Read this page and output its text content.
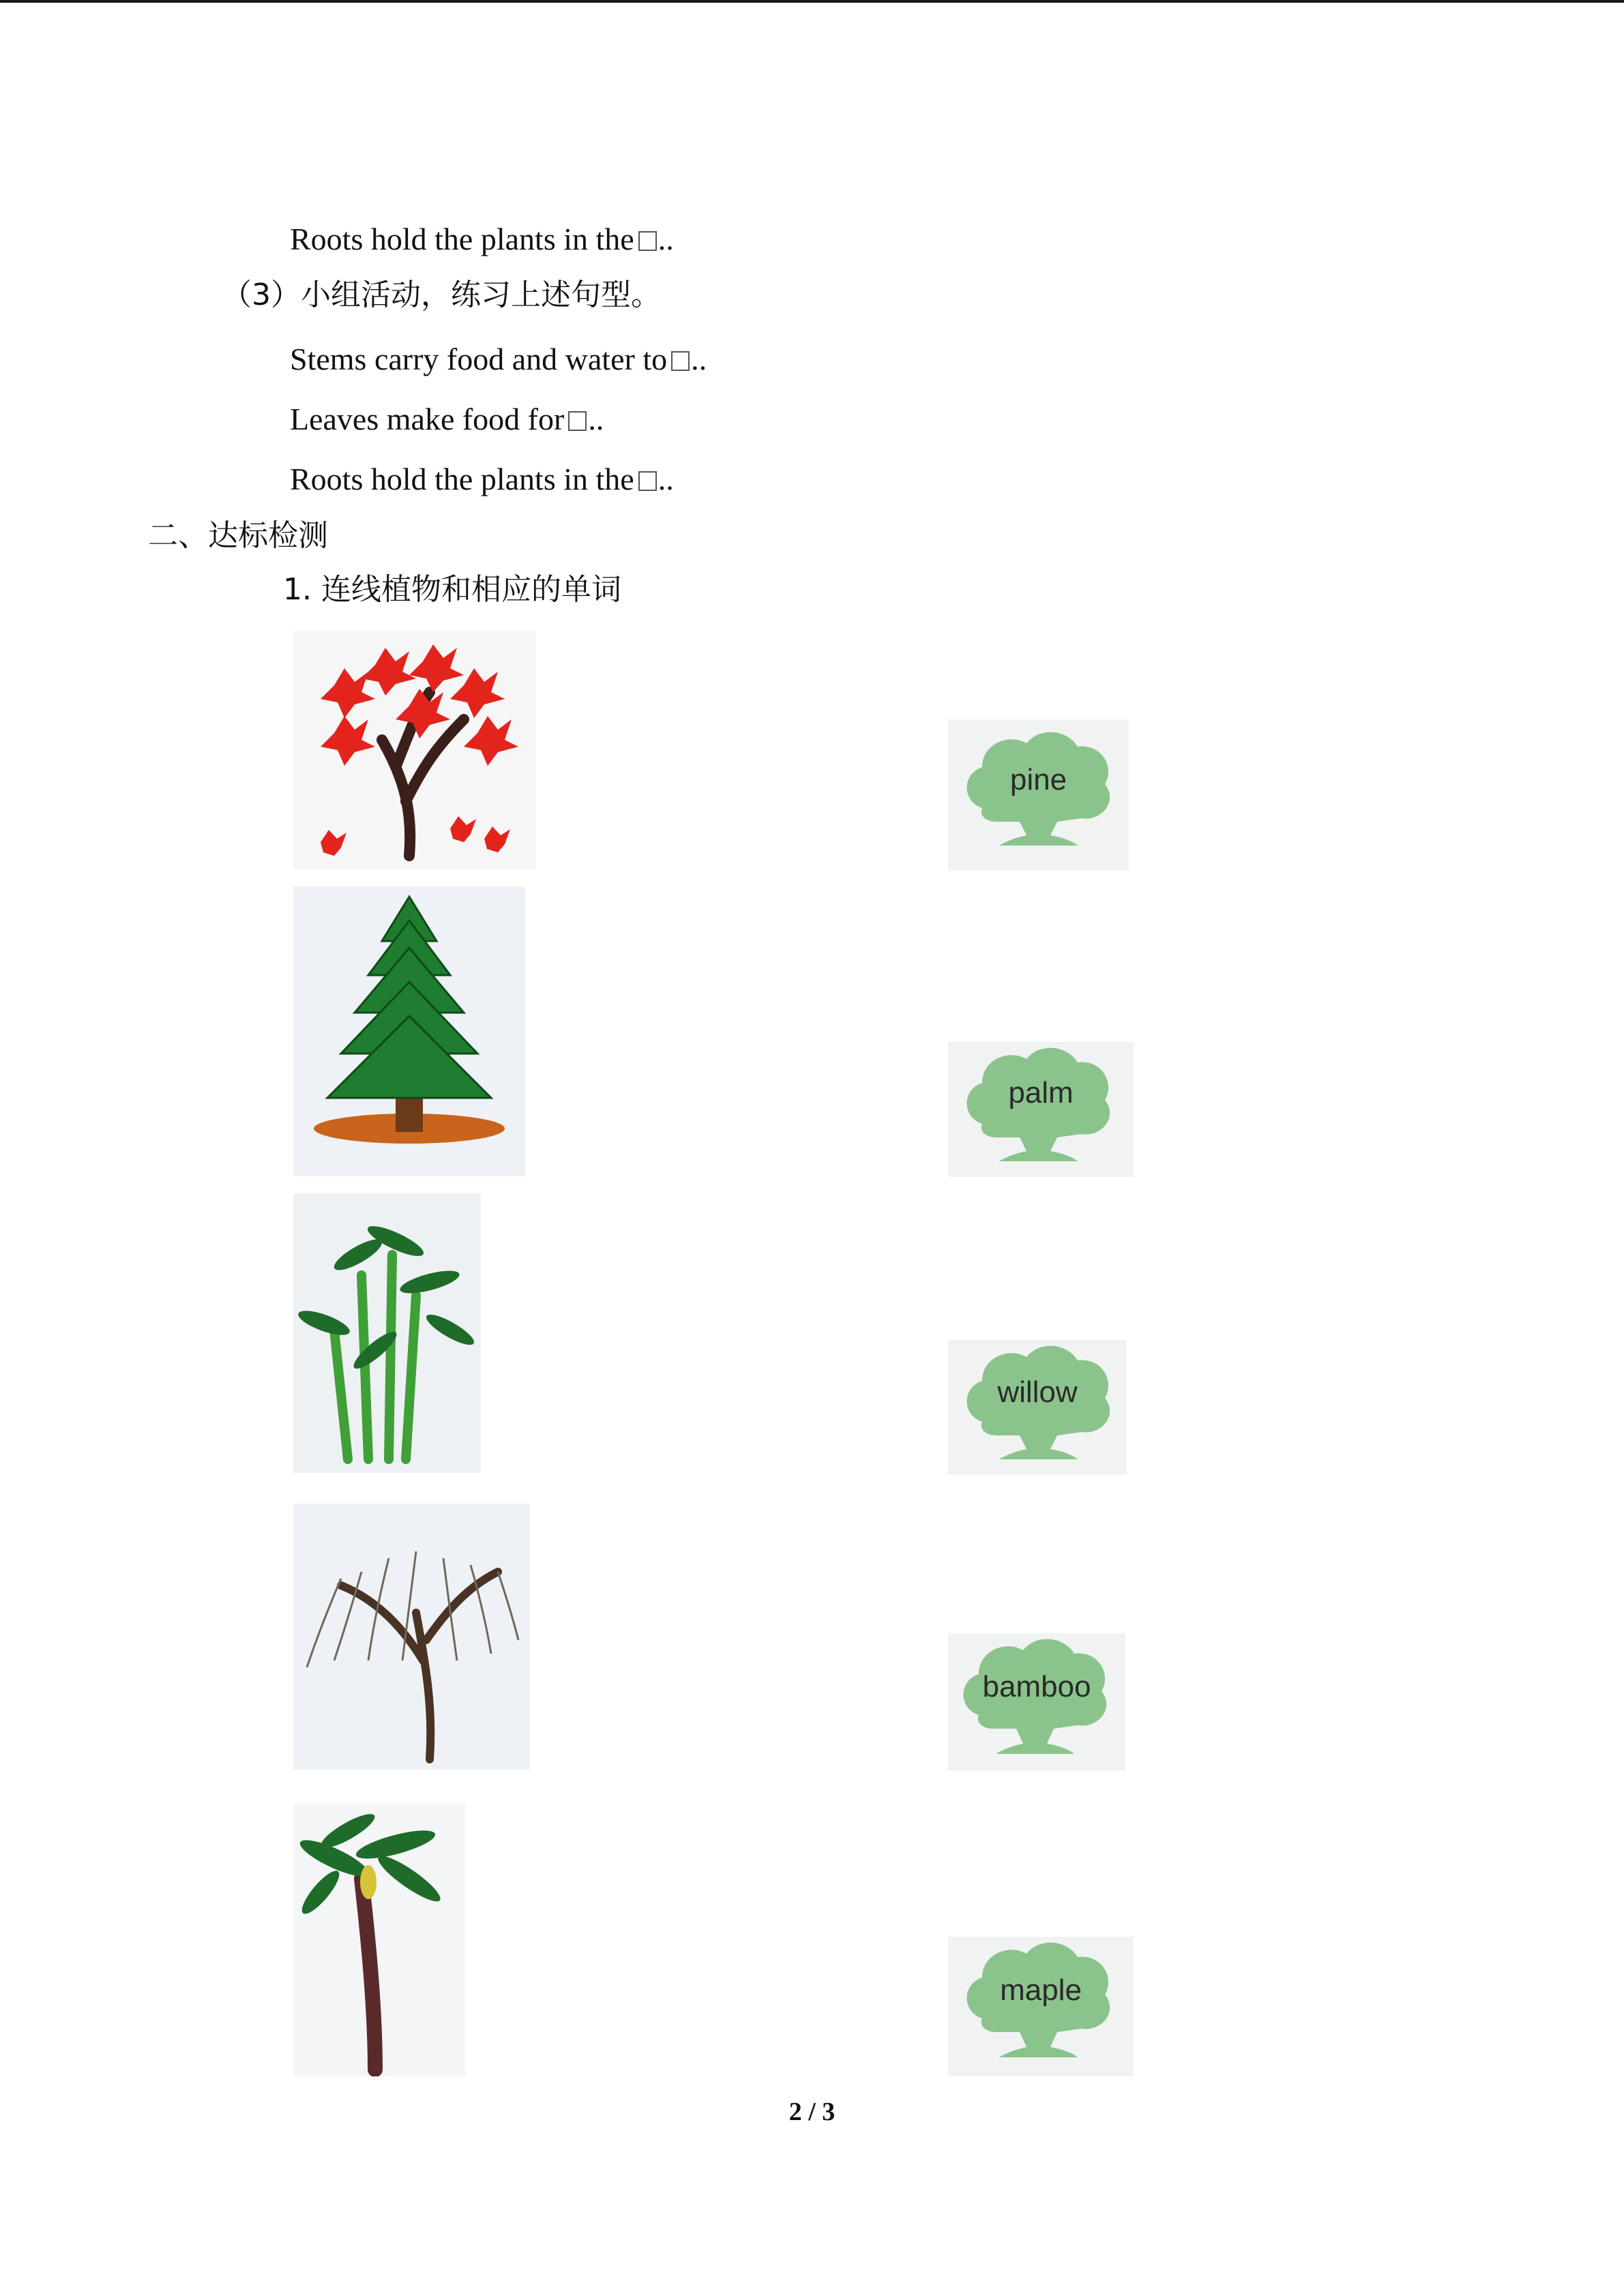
Roots hold the plants in the ..
（3）小组活动，练习上述句型。
Stems carry food and water to ..
Leaves make food for ..
Roots hold the plants in the ..
二、达标检测
1. 连线植物和相应的单词
pine
palm
willow
bamboo
maple
2 / 3
